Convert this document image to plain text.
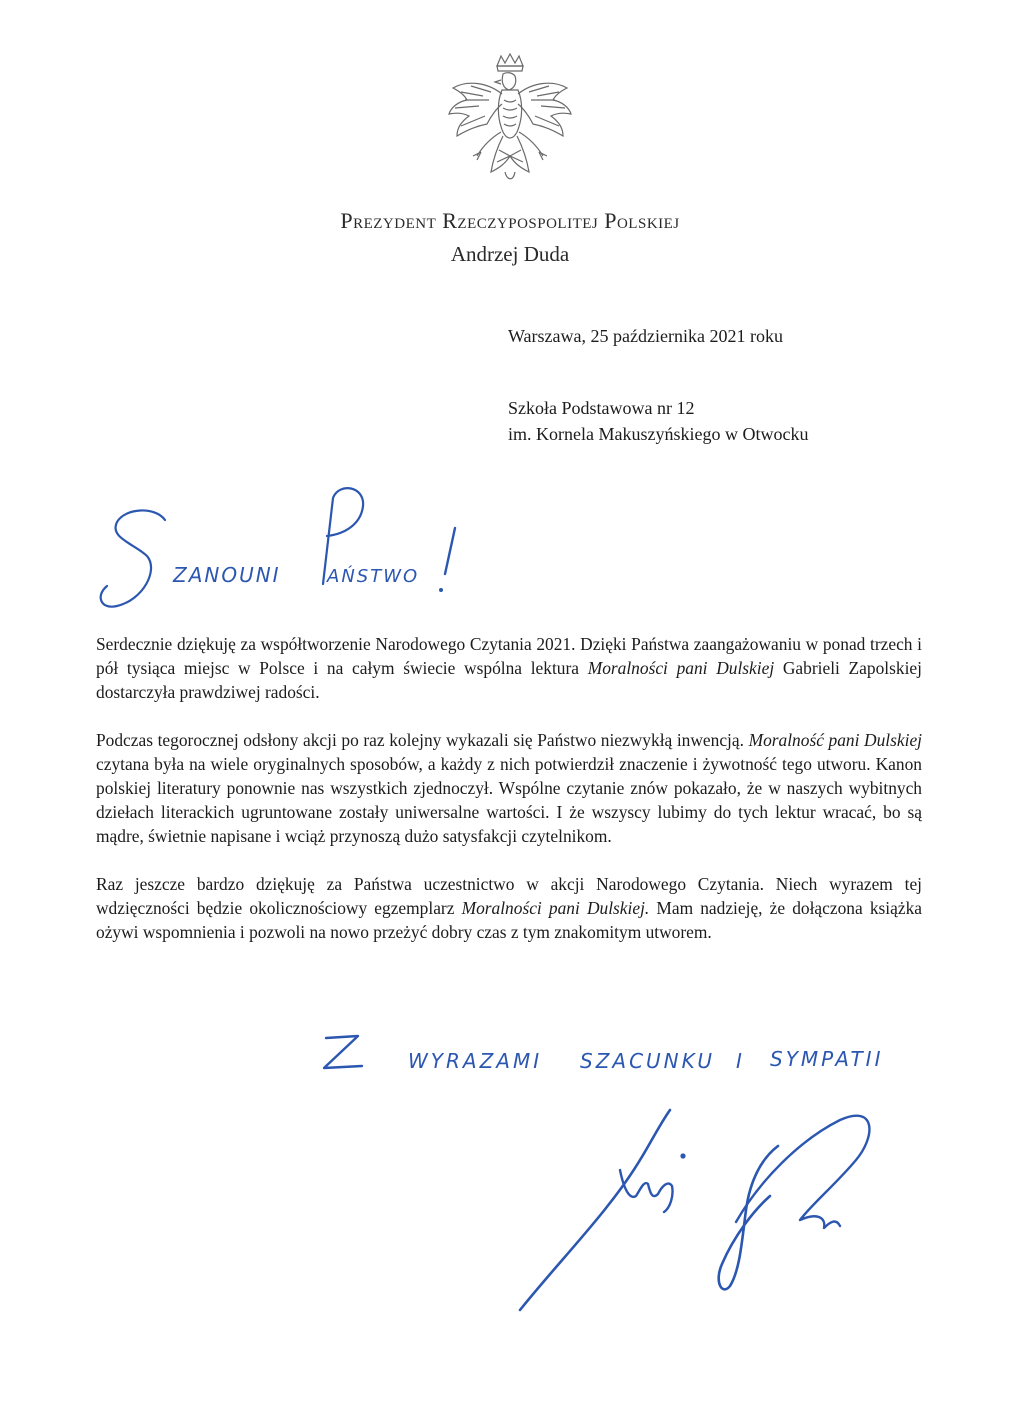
Prezydent Rzeczypospolitej Polskiej
Andrzej Duda
Warszawa, 25 października 2021 roku
Szkoła Podstawowa nr 12
im. Kornela Makuszyńskiego w Otwocku
ZANOUNI	AŃSTWO

Serdecznie dziękuję za współtworzenie Narodowego Czytania 2021. Dzięki Państwa zaangażowaniu w ponad trzech i pół tysiąca miejsc w Polsce i na całym świecie wspólna lektura Moralności pani Dulskiej Gabrieli Zapolskiej dostarczyła prawdziwej radości.

Podczas tegorocznej odsłony akcji po raz kolejny wykazali się Państwo niezwykłą inwencją. Moralność pani Dulskiej czytana była na wiele oryginalnych sposobów, a każdy z nich potwierdził znaczenie i żywotność tego utworu. Kanon polskiej literatury ponownie nas wszystkich zjednoczył. Wspólne czytanie znów pokazało, że w naszych wybitnych dziełach literackich ugruntowane zostały uniwersalne wartości. I że wszyscy lubimy do tych lektur wracać, bo są mądre, świetnie napisane i wciąż przynoszą dużo satysfakcji czytelnikom.

Raz jeszcze bardzo dziękuję za Państwa uczestnictwo w akcji Narodowego Czytania. Niech wyrazem tej wdzięczności będzie okolicznościowy egzemplarz Moralności pani Dulskiej. Mam nadzieję, że dołączona książka ożywi wspomnienia i pozwoli na nowo przeżyć dobry czas z tym znakomitym utworem.

WYRAZAMI SZACUNKU I SYMPATII
